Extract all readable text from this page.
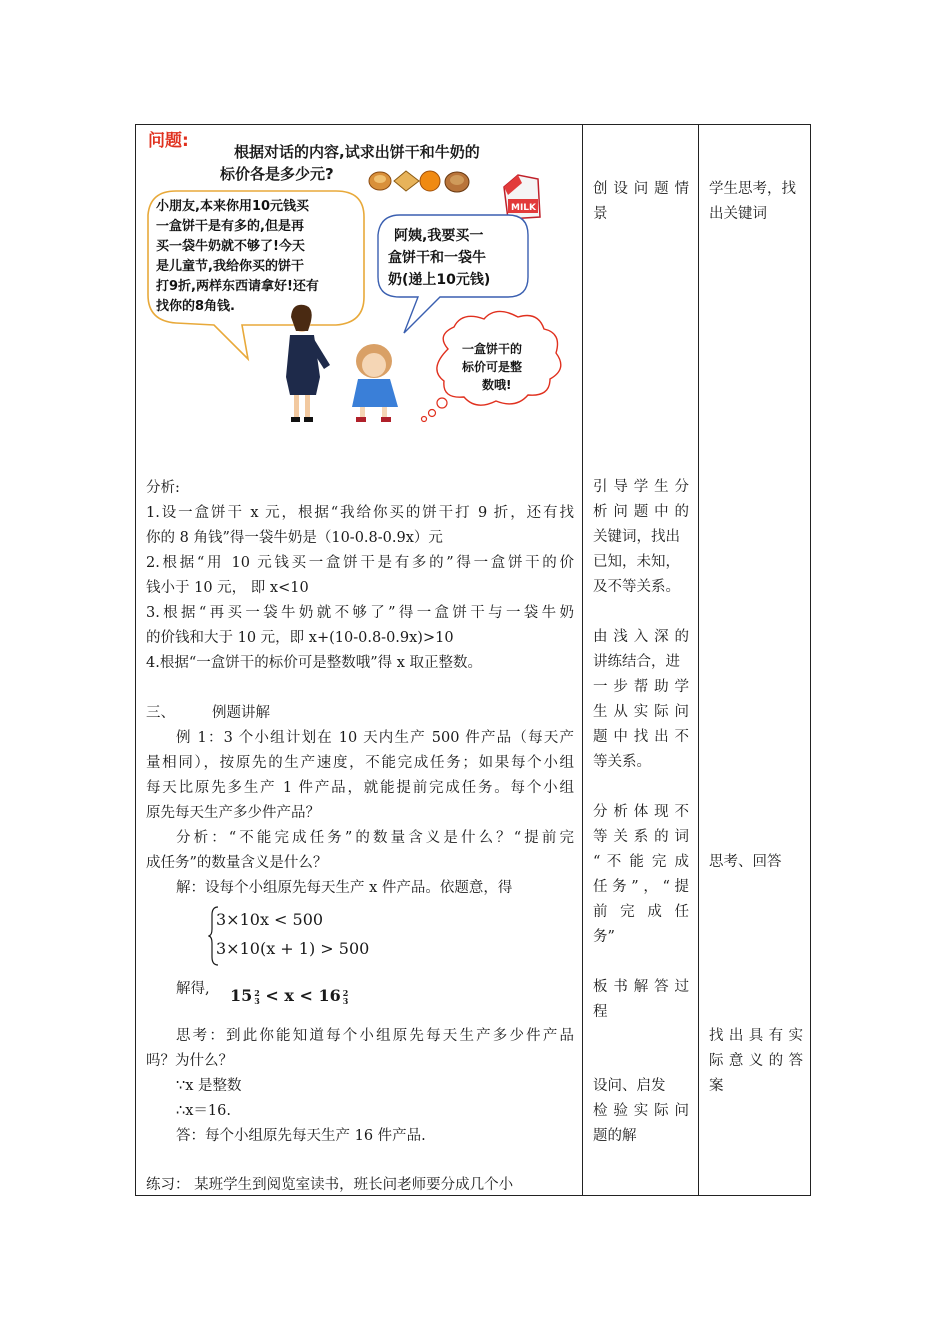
问题:
根据对话的内容,试求出饼干和牛奶的
标价各是多少元?
MILK
小朋友,本来你用10元钱买
一盒饼干是有多的,但是再
买一袋牛奶就不够了!今天
是儿童节,我给你买的饼干
打9折,两样东西请拿好!还有
找你的8角钱.
阿姨,我要买一
盒饼干和一袋牛
奶(递上10元钱)
一盒饼干的
标价可是整
数哦!
分析:
1.设一盒饼干 x 元，根据“我给你买的饼干打 9 折，还有找
你的 8 角钱”得一袋牛奶是（10-0.8-0.9x）元
2.根据“用 10 元钱买一盒饼干是有多的”得一盒饼干的价
钱小于 10 元， 即 x<10
3.根据“再买一袋牛奶就不够了”得一盒饼干与一袋牛奶
的价钱和大于 10 元，即 x+(10-0.8-0.9x)>10
4.根据“一盒饼干的标价可是整数哦”得 x 取正整数。
三、	例题讲解
例 1：3 个小组计划在 10 天内生产 500 件产品（每天产
量相同），按原先的生产速度，不能完成任务；如果每个小组
每天比原先多生产 1 件产品，就能提前完成任务。每个小组
原先每天生产多少件产品？
分析：“不能完成任务”的数量含义是什么？“提前完
成任务”的数量含义是什么？
解：设每个小组原先每天生产 x 件产品。依题意，得
3×10x < 500
3×10(x + 1) > 500
解得, 15 2
3 < x < 16 2
3
思考：到此你能知道每个小组原先每天生产多少件产品
吗？为什么？
∵x 是整数
∴x＝16.
答：每个小组原先每天生产 16 件产品.
练习： 某班学生到阅览室读书，班长问老师要分成几个小
创 设 问 题 情
景
引 导 学 生 分
析 问 题 中 的
关键词，找出
已知，未知，
及不等关系。
由 浅 入 深 的
讲练结合，进
一 步 帮 助 学
生 从 实 际 问
题 中 找 出 不
等关系。
分 析 体 现 不
等 关 系 的 词
“ 不 能 完 成
任务”，“提
前 完 成 任
务”
板 书 解 答 过
程
设问、启发
检 验 实 际 问
题的解
学生思考，找
出关键词
思考、回答
找 出 具 有 实
际 意 义 的 答
案
